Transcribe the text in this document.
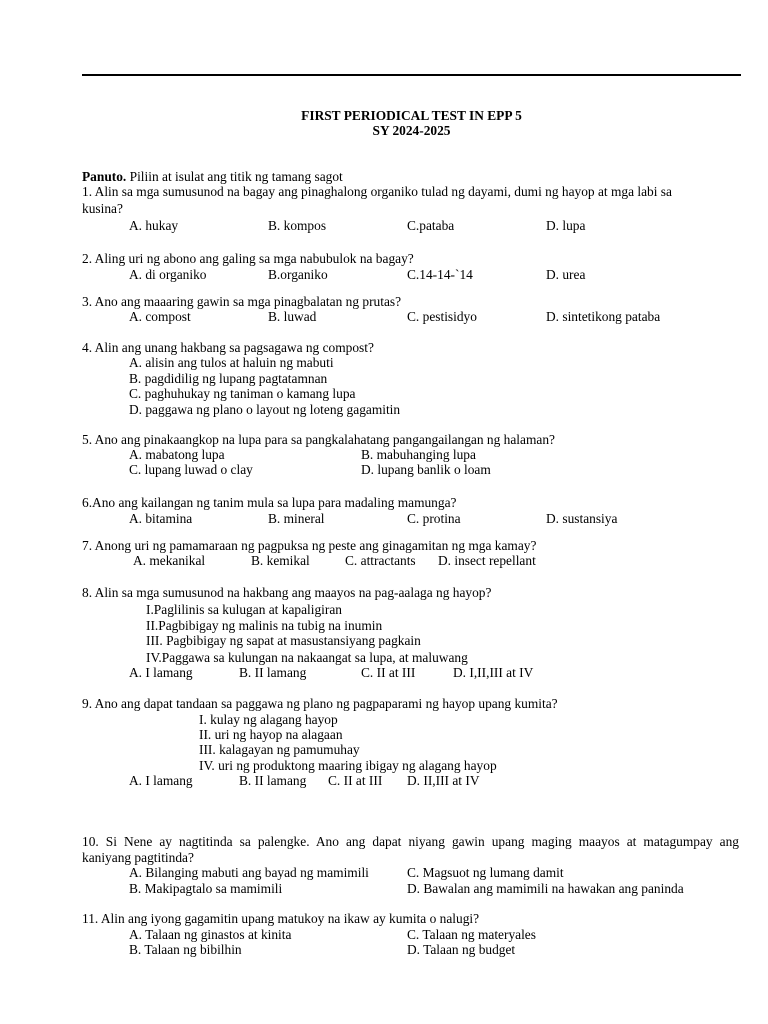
FIRST PERIODICAL TEST IN EPP 5
SY 2024-2025
Panuto. Piliin at isulat ang titik ng tamang sagot
1. Alin sa mga sumusunod na bagay ang pinaghalong organiko tulad ng dayami, dumi ng hayop at mga labi sa
kusina?
A. hukay	B. kompos	C.pataba	D. lupa
2. Aling uri ng abono ang galing sa mga nabubulok na bagay?
A. di organiko	B.organiko	C.14-14-`14	D. urea
3. Ano ang maaaring gawin sa mga pinagbalatan ng prutas?
A. compost	B. luwad	C. pestisidyo	D. sintetikong pataba
4. Alin ang unang hakbang sa pagsagawa ng compost?
A. alisin ang tulos at haluin ng mabuti
B. pagdidilig ng lupang pagtatamnan
C. paghuhukay ng taniman o kamang lupa
D. paggawa ng plano o layout ng loteng gagamitin
5. Ano ang pinakaangkop na lupa para sa pangkalahatang pangangailangan ng halaman?
A. mabatong lupa	B. mabuhanging lupa
C. lupang luwad o clay	D. lupang banlik o loam
6.Ano ang kailangan ng tanim mula sa lupa para madaling mamunga?
A. bitamina	B. mineral	C. protina	D. sustansiya
7. Anong uri ng pamamaraan ng pagpuksa ng peste ang ginagamitan ng mga kamay?
A. mekanikal	B. kemikal	C. attractants D. insect repellant
8. Alin sa mga sumusunod na hakbang ang maayos na pag-aalaga ng hayop?
I.Paglilinis sa kulugan at kapaligiran
II.Pagbibigay ng malinis na tubig na inumin
III. Pagbibigay ng sapat at masustansiyang pagkain
IV.Paggawa sa kulungan na nakaangat sa lupa, at maluwang
A. I lamang	B. II lamang	C. II at III	D. I,II,III at IV
9. Ano ang dapat tandaan sa paggawa ng plano ng pagpaparami ng hayop upang kumita?
I. kulay ng alagang hayop
II. uri ng hayop na alagaan
III. kalagayan ng pamumuhay
IV. uri ng produktong maaring ibigay ng alagang hayop
A. I lamang	B. II lamang C. II at III D. II,III at IV
10. Si Nene ay nagtitinda sa palengke. Ano ang dapat niyang gawin upang maging maayos at matagumpay ang
kaniyang pagtitinda?
A. Bilanging mabuti ang bayad ng mamimili	C. Magsuot ng lumang damit
B. Makipagtalo sa mamimili	D. Bawalan ang mamimili na hawakan ang paninda
11. Alin ang iyong gagamitin upang matukoy na ikaw ay kumita o nalugi?
A. Talaan ng ginastos at kinita	C. Talaan ng materyales
B. Talaan ng bibilhin	D. Talaan ng budget
